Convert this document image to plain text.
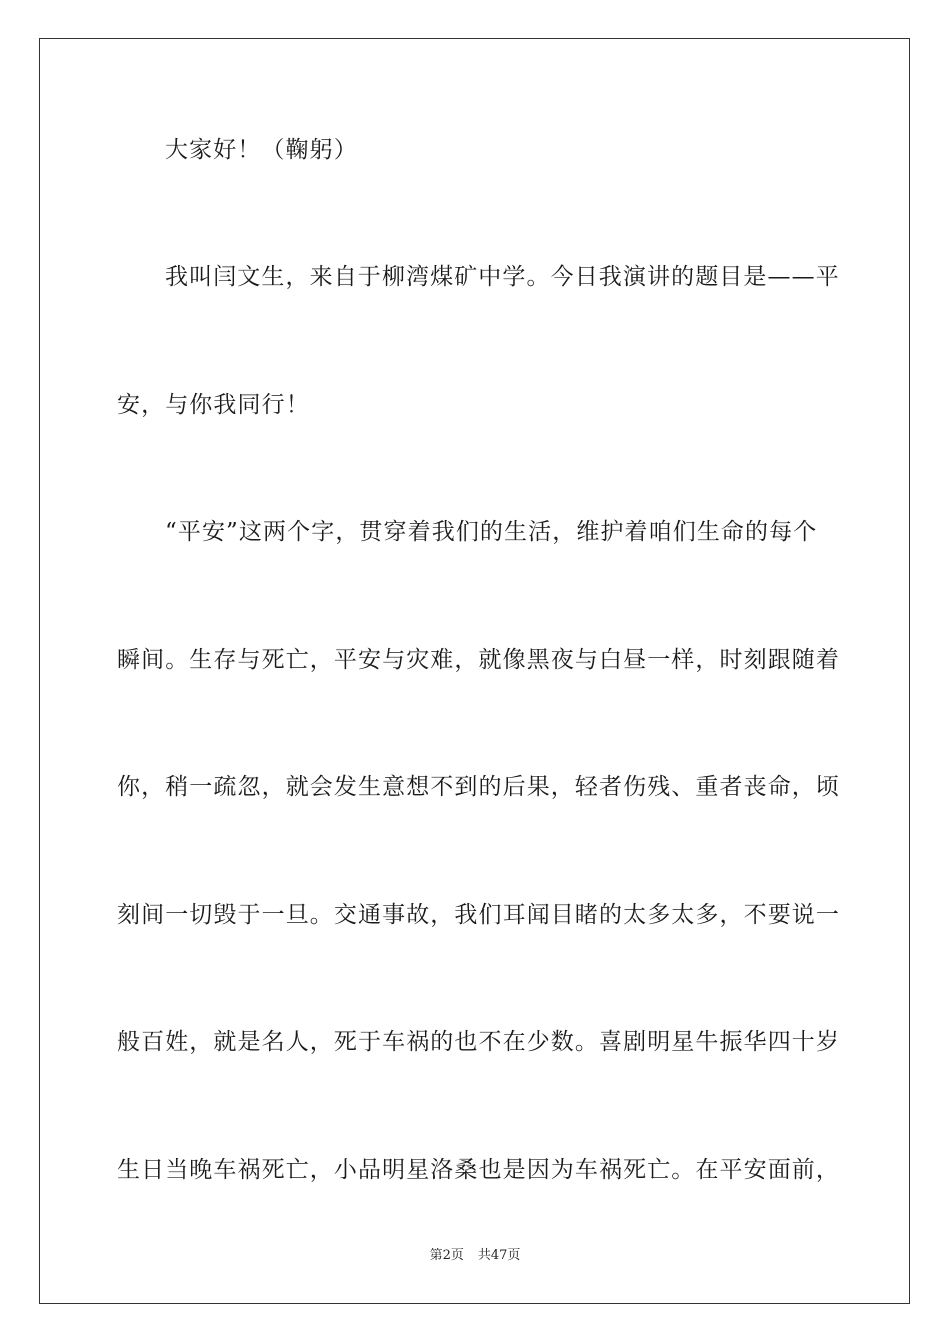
大家好！（鞠躬）
我叫闫文生，来自于柳湾煤矿中学。今日我演讲的题目是——平
安，与你我同行！
“平安”这两个字，贯穿着我们的生活，维护着咱们生命的每个
瞬间。生存与死亡，平安与灾难，就像黑夜与白昼一样，时刻跟随着
你，稍一疏忽，就会发生意想不到的后果，轻者伤残、重者丧命，顷
刻间一切毁于一旦。交通事故，我们耳闻目睹的太多太多，不要说一
般百姓，就是名人，死于车祸的也不在少数。喜剧明星牛振华四十岁
生日当晚车祸死亡，小品明星洛桑也是因为车祸死亡。在平安面前，
第2页 共47页
